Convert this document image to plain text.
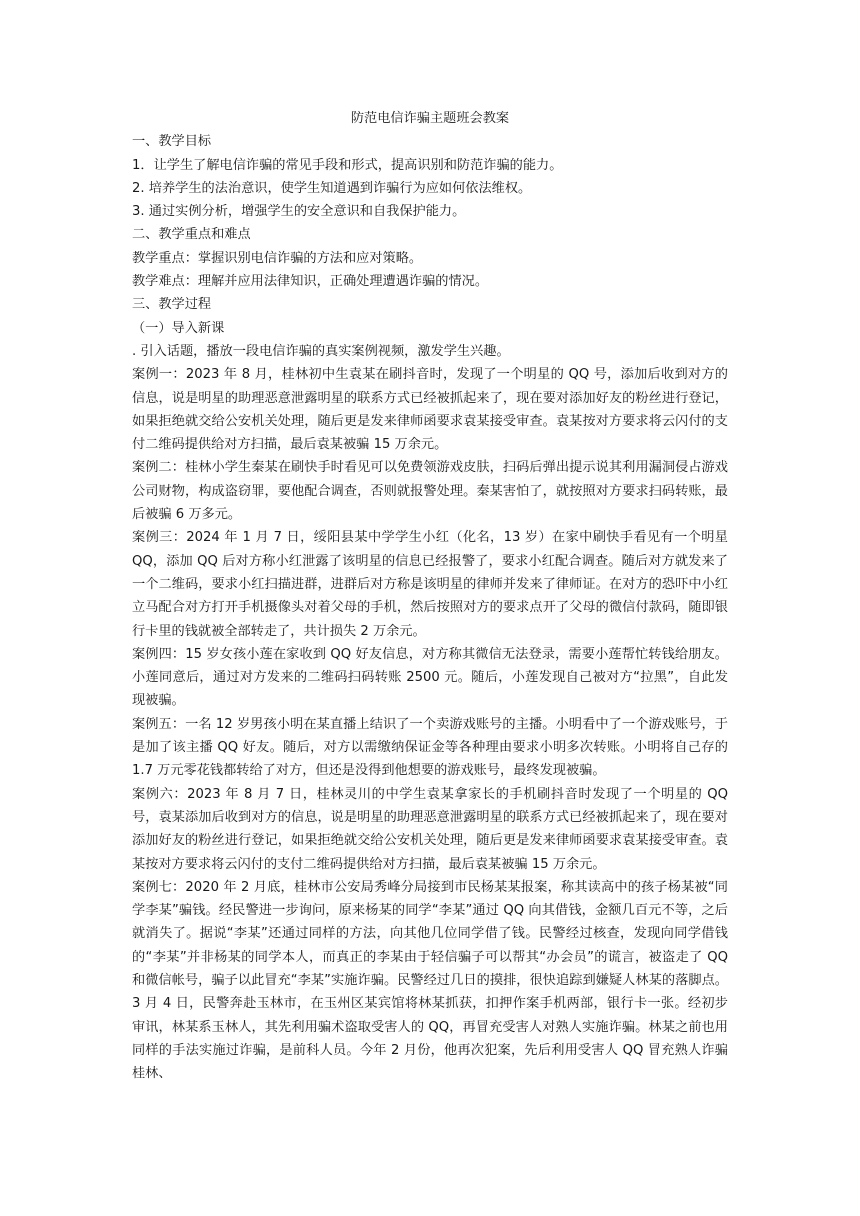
防范电信诈骗主题班会教案

一、教学目标

1．让学生了解电信诈骗的常见手段和形式，提高识别和防范诈骗的能力。

2. 培养学生的法治意识，使学生知道遇到诈骗行为应如何依法维权。

3. 通过实例分析，增强学生的安全意识和自我保护能力。

二、教学重点和难点

教学重点：掌握识别电信诈骗的方法和应对策略。

教学难点：理解并应用法律知识，正确处理遭遇诈骗的情况。

三、教学过程

（一）导入新课

. 引入话题，播放一段电信诈骗的真实案例视频，激发学生兴趣。

案例一：2023 年 8 月，桂林初中生袁某在刷抖音时，发现了一个明星的 QQ 号，添加后收到对方的信息，说是明星的助理恶意泄露明星的联系方式已经被抓起来了，现在要对添加好友的粉丝进行登记，如果拒绝就交给公安机关处理，随后更是发来律师函要求袁某接受审查。袁某按对方要求将云闪付的支付二维码提供给对方扫描，最后袁某被骗 15 万余元。

案例二：桂林小学生秦某在刷快手时看见可以免费领游戏皮肤，扫码后弹出提示说其利用漏洞侵占游戏公司财物，构成盗窃罪，要他配合调查，否则就报警处理。秦某害怕了，就按照对方要求扫码转账，最后被骗 6 万多元。

案例三：2024 年 1 月 7 日，绥阳县某中学学生小红（化名，13 岁）在家中刷快手看见有一个明星 QQ，添加 QQ 后对方称小红泄露了该明星的信息已经报警了，要求小红配合调查。随后对方就发来了一个二维码，要求小红扫描进群，进群后对方称是该明星的律师并发来了律师证。在对方的恐吓中小红立马配合对方打开手机摄像头对着父母的手机，然后按照对方的要求点开了父母的微信付款码，随即银行卡里的钱就被全部转走了，共计损失 2 万余元。

案例四：15 岁女孩小莲在家收到 QQ 好友信息，对方称其微信无法登录，需要小莲帮忙转钱给朋友。小莲同意后，通过对方发来的二维码扫码转账 2500 元。随后，小莲发现自己被对方“拉黑”，自此发现被骗。

案例五：一名 12 岁男孩小明在某直播上结识了一个卖游戏账号的主播。小明看中了一个游戏账号，于是加了该主播 QQ 好友。随后，对方以需缴纳保证金等各种理由要求小明多次转账。小明将自己存的 1.7 万元零花钱都转给了对方，但还是没得到他想要的游戏账号，最终发现被骗。

案例六：2023 年 8 月 7 日，桂林灵川的中学生袁某拿家长的手机刷抖音时发现了一个明星的 QQ 号，袁某添加后收到对方的信息，说是明星的助理恶意泄露明星的联系方式已经被抓起来了，现在要对添加好友的粉丝进行登记，如果拒绝就交给公安机关处理，随后更是发来律师函要求袁某接受审查。袁某按对方要求将云闪付的支付二维码提供给对方扫描，最后袁某被骗 15 万余元。

案例七：2020 年 2 月底，桂林市公安局秀峰分局接到市民杨某某报案，称其读高中的孩子杨某被“同学李某”骗钱。经民警进一步询问，原来杨某的同学“李某”通过 QQ 向其借钱，金额几百元不等，之后就消失了。据说“李某”还通过同样的方法，向其他几位同学借了钱。民警经过核查，发现向同学借钱的“李某”并非杨某的同学本人，而真正的李某由于轻信骗子可以帮其“办会员”的谎言，被盗走了 QQ 和微信帐号，骗子以此冒充“李某”实施诈骗。民警经过几日的摸排，很快追踪到嫌疑人林某的落脚点。3 月 4 日，民警奔赴玉林市，在玉州区某宾馆将林某抓获，扣押作案手机两部，银行卡一张。经初步审讯，林某系玉林人，其先利用骗术盗取受害人的 QQ，再冒充受害人对熟人实施诈骗。林某之前也用同样的手法实施过诈骗，是前科人员。今年 2 月份，他再次犯案，先后利用受害人 QQ 冒充熟人诈骗桂林、
